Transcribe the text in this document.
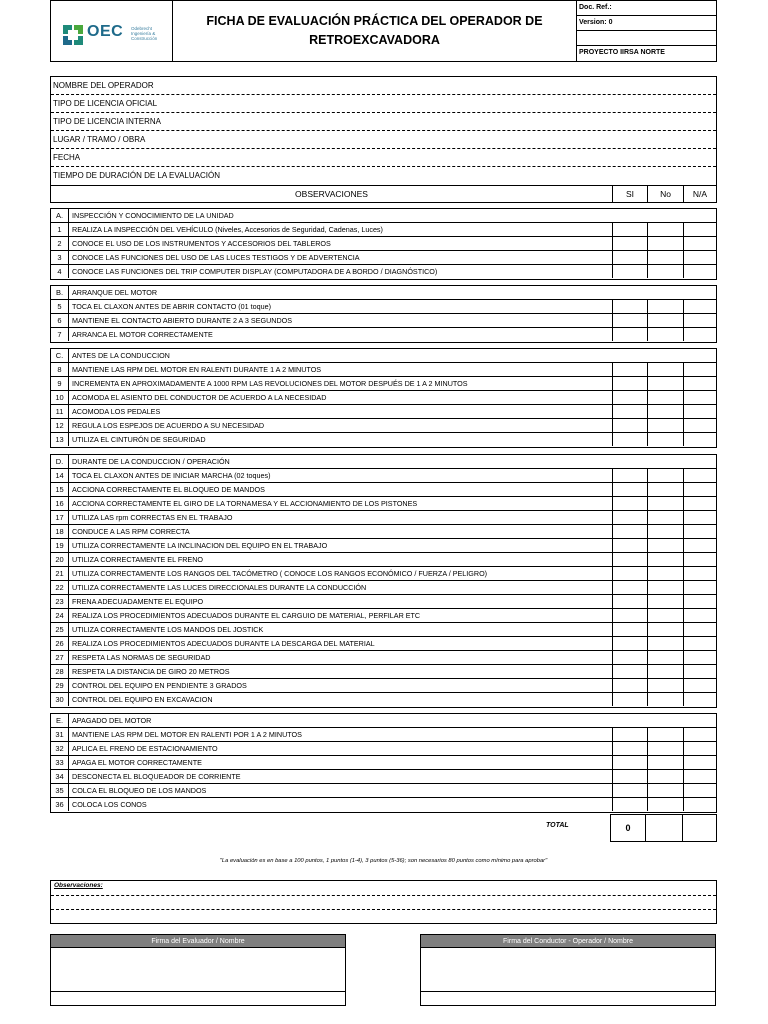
OEC Odebrecht Ingeniería & Construcción
FICHA DE EVALUACIÓN PRÁCTICA DEL OPERADOR DE RETROEXCAVADORA
Doc. Ref.:
Version: 0
PROYECTO IIRSA NORTE
NOMBRE DEL OPERADOR
TIPO DE LICENCIA OFICIAL
TIPO DE LICENCIA INTERNA
LUGAR / TRAMO / OBRA
FECHA
TIEMPO DE DURACIÓN DE LA EVALUACIÓN
OBSERVACIONES	SI	No	N/A
A.	INSPECCIÓN Y CONOCIMIENTO DE LA UNIDAD
1	REALIZA LA INSPECCIÓN DEL VEHÍCULO (Niveles, Accesorios de Seguridad, Cadenas, Luces)
2	CONOCE EL USO DE LOS INSTRUMENTOS Y ACCESORIOS DEL TABLEROS
3	CONOCE LAS FUNCIONES DEL USO DE LAS LUCES TESTIGOS Y DE ADVERTENCIA
4	CONOCE LAS FUNCIONES DEL TRIP COMPUTER DISPLAY (COMPUTADORA DE A BORDO / DIAGNÓSTICO)
B.	ARRANQUE DEL MOTOR
5	TOCA EL CLAXON ANTES DE ABRIR CONTACTO (01 toque)
6	MANTIENE EL CONTACTO ABIERTO DURANTE 2 A 3 SEGUNDOS
7	ARRANCA EL MOTOR CORRECTAMENTE
C.	ANTES DE LA CONDUCCION
8	MANTIENE LAS RPM DEL MOTOR EN RALENTI DURANTE 1 A 2 MINUTOS
9	INCREMENTA EN APROXIMADAMENTE A 1000 RPM LAS REVOLUCIONES DEL MOTOR DESPUÉS DE 1 A 2 MINUTOS
10	ACOMODA EL ASIENTO DEL CONDUCTOR DE ACUERDO A LA NECESIDAD
11	ACOMODA LOS PEDALES
12	REGULA LOS ESPEJOS DE ACUERDO A SU NECESIDAD
13	UTILIZA EL CINTURÓN DE SEGURIDAD
D.	DURANTE DE LA CONDUCCION / OPERACIÓN
14	TOCA EL CLAXON ANTES DE INICIAR MARCHA (02 toques)
15	ACCIONA CORRECTAMENTE EL BLOQUEO DE MANDOS
16	ACCIONA CORRECTAMENTE EL GIRO DE LA TORNAMESA Y EL ACCIONAMIENTO DE LOS PISTONES
17	UTILIZA LAS rpm CORRECTAS EN EL TRABAJO
18	CONDUCE A LAS RPM CORRECTA
19	UTILIZA CORRECTAMENTE LA INCLINACION DEL EQUIPO EN EL TRABAJO
20	UTILIZA CORRECTAMENTE EL FRENO
21	UTILIZA CORRECTAMENTE LOS RANGOS DEL TACÓMETRO ( CONOCE LOS RANGOS ECONÓMICO / FUERZA / PELIGRO)
22	UTILIZA CORRECTAMENTE LAS LUCES DIRECCIONALES DURANTE LA CONDUCCIÓN
23	FRENA ADECUADAMENTE EL EQUIPO
24	REALIZA LOS PROCEDIMIENTOS ADECUADOS DURANTE EL CARGUIO DE MATERIAL, PERFILAR ETC
25	UTILIZA CORRECTAMENTE LOS MANDOS DEL JOSTICK
26	REALIZA LOS PROCEDIMIENTOS ADECUADOS DURANTE LA DESCARGA DEL MATERIAL
27	RESPETA LAS NORMAS DE SEGURIDAD
28	RESPETA LA DISTANCIA DE GIRO 20 METROS
29	CONTROL DEL EQUIPO EN PENDIENTE 3 GRADOS
30	CONTROL DEL EQUIPO EN EXCAVACION
E.	APAGADO DEL MOTOR
31	MANTIENE LAS RPM DEL MOTOR EN RALENTI POR 1 A 2 MINUTOS
32	APLICA EL FRENO DE ESTACIONAMIENTO
33	APAGA EL MOTOR CORRECTAMENTE
34	DESCONECTA EL BLOQUEADOR DE CORRIENTE
35	COLCA EL BLOQUEO DE LOS MANDOS
36	COLOCA LOS CONOS
TOTAL	0
"La evaluación es en base a 100 puntos, 1 puntos (1-4), 3 puntos (5-36); son necesarios 80 puntos como mínimo para aprobar"
Observaciones:
Firma del Evaluador / Nombre	Firma del Conductor - Operador / Nombre
